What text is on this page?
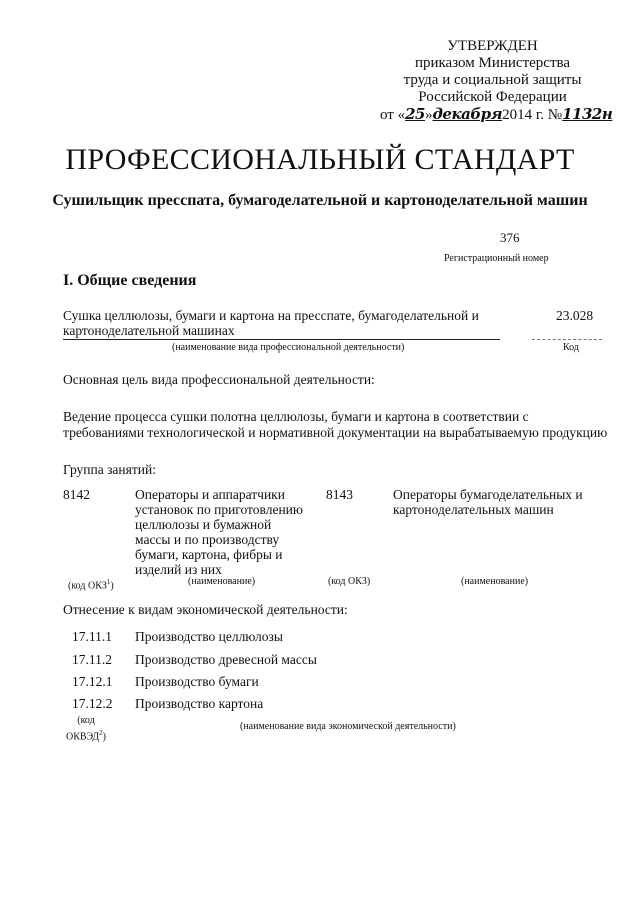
УТВЕРЖДЕН
приказом Министерства
труда и социальной защиты
Российской Федерации
от «25»декабря2014 г. №1132н
ПРОФЕССИОНАЛЬНЫЙ СТАНДАРТ
Сушильщик пресспата, бумагоделательной и картоноделательной машин
376
Регистрационный номер
I. Общие сведения
Сушка целлюлозы, бумаги и картона на пресспате, бумагоделательной и картоноделательной машинах
23.028
(наименование вида профессиональной деятельности)	Код
Основная цель вида профессиональной деятельности:
Ведение процесса сушки полотна целлюлозы, бумаги и картона в соответствии с требованиями технологической и нормативной документации на вырабатываемую продукцию
Группа занятий:
8142	Операторы и аппаратчики установок по приготовлению целлюлозы и бумажной массы и по производству бумаги, картона, фибры и изделий из них
8143	Операторы бумагоделательных и картоноделательных машин
(код ОКЗ$^1$)	(наименование)	(код ОКЗ)	(наименование)
Отнесение к видам экономической деятельности:
17.11.1 Производство целлюлозы
17.11.2 Производство древесной массы
17.12.1 Производство бумаги
17.12.2 Производство картона
(код
ОКВЭД$^2$)
(наименование вида экономической деятельности)
